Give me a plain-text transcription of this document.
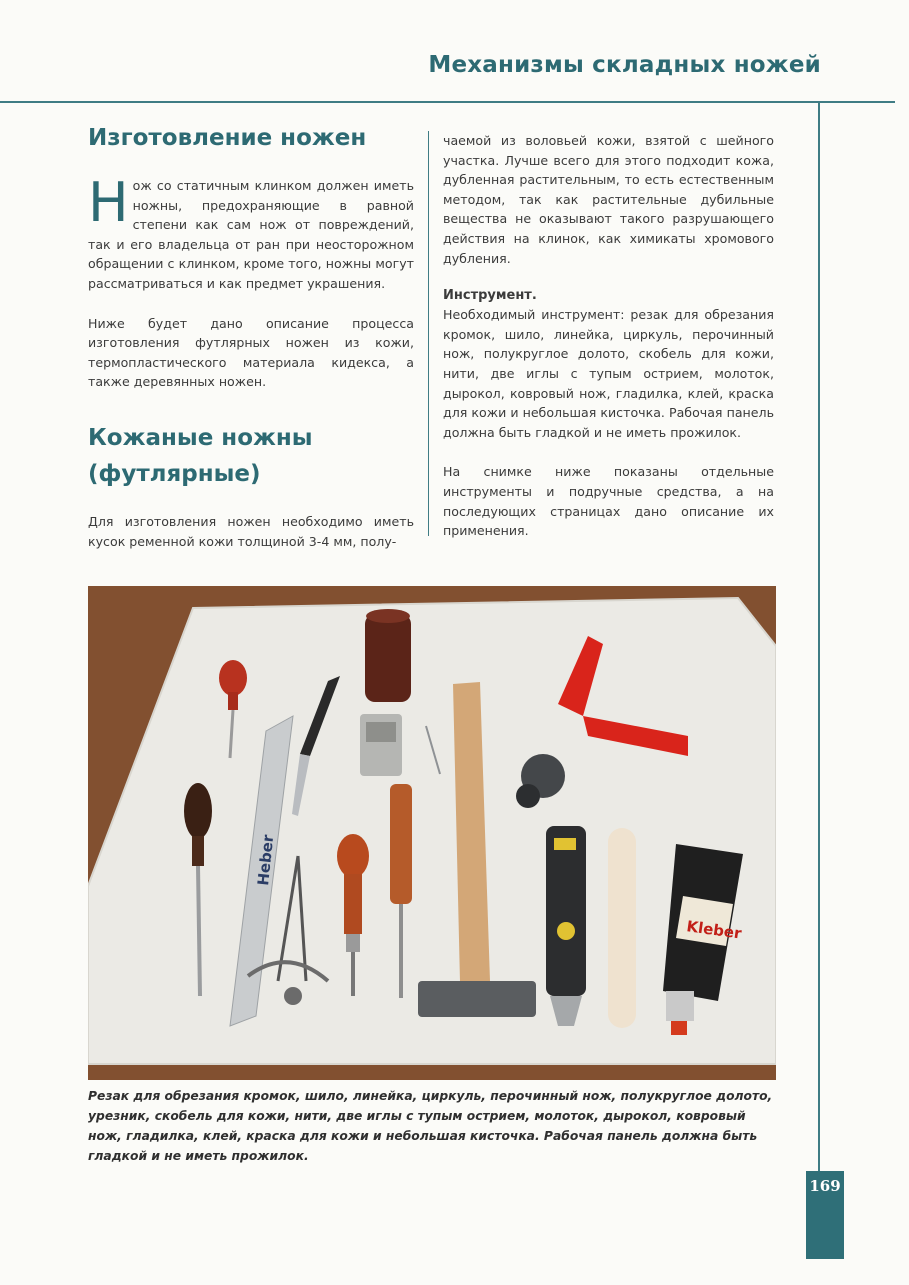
Механизмы складных ножей
169
Изготовление ножен
Н ож со статичным клинком должен иметь ножны, предохраняющие в равной степени как сам нож от повреждений, так и его владельца от ран при неосторожном обращении с клинком, кроме того, ножны могут рассматриваться и как предмет украшения.

Ниже будет дано описание процесса изготовления футлярных ножен из кожи, термопластического материала кидекса, а также деревянных ножен.

Кожаные ножны
(футлярные)

Для изготовления ножен необходимо иметь кусок ременной кожи толщиной 3-4 мм, полу-

чаемой из воловьей кожи, взятой с шейного участка. Лучше всего для этого подходит кожа, дубленная растительным, то есть естественным методом, так как растительные дубильные вещества не оказывают такого разрушающего действия на клинок, как химикаты хромового дубления.

Инструмент.

Необходимый инструмент: резак для обрезания кромок, шило, линейка, циркуль, перочинный нож, полукруглое долото, скобель для кожи, нити, две иглы с тупым острием, молоток, дырокол, ковровый нож, гладилка, клей, краска для кожи и небольшая кисточка. Рабочая панель должна быть гладкой и не иметь прожилок.

На снимке ниже показаны отдельные инструменты и подручные средства, а на последующих страницах дано описание их применения.

Heber
Kleber
Резак для обрезания кромок, шило, линейка, циркуль, перочинный нож, полукруглое долото, урезник, скобель для кожи, нити, две иглы с тупым острием, молоток, дырокол, ковровый нож, гладилка, клей, краска для кожи и небольшая кисточка. Рабочая панель должна быть гладкой и не иметь прожилок.
